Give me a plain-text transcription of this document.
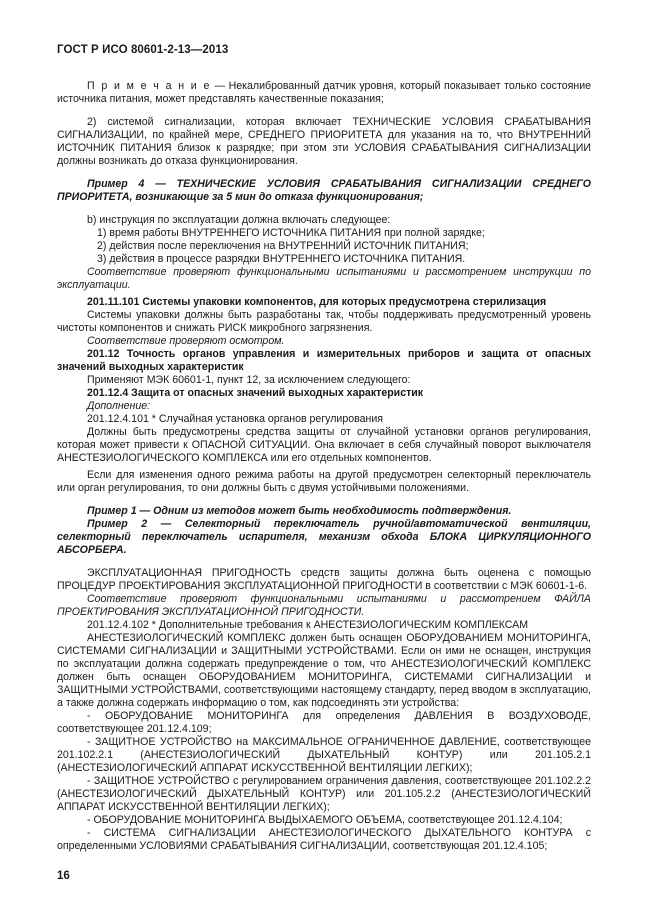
ГОСТ Р ИСО 80601-2-13—2013

П р и м е ч а н и е — Некалиброванный датчик уровня, который показывает только состояние источника питания, может представлять качественные показания;

2) системой сигнализации, которая включает ТЕХНИЧЕСКИЕ УСЛОВИЯ СРАБАТЫВАНИЯ СИГНАЛИЗАЦИИ, по крайней мере, СРЕДНЕГО ПРИОРИТЕТА для указания на то, что ВНУТРЕННИЙ ИСТОЧНИК ПИТАНИЯ близок к разрядке; при этом эти УСЛОВИЯ СРАБАТЫВАНИЯ СИГНАЛИЗАЦИИ должны возникать до отказа функционирования.

Пример 4 — ТЕХНИЧЕСКИЕ УСЛОВИЯ СРАБАТЫВАНИЯ СИГНАЛИЗАЦИИ СРЕДНЕГО ПРИОРИТЕТА, возникающие за 5 мин до отказа функционирования;

b) инструкция по эксплуатации должна включать следующее:

1) время работы ВНУТРЕННЕГО ИСТОЧНИКА ПИТАНИЯ при полной зарядке;

2) действия после переключения на ВНУТРЕННИЙ ИСТОЧНИК ПИТАНИЯ;

3) действия в процессе разрядки ВНУТРЕННЕГО ИСТОЧНИКА ПИТАНИЯ.

Соответствие проверяют функциональными испытаниями и рассмотрением инструкции по эксплуатации.

201.11.101 Системы упаковки компонентов, для которых предусмотрена стерилизация

Системы упаковки должны быть разработаны так, чтобы поддерживать предусмотренный уровень чистоты компонентов и снижать РИСК микробного загрязнения.

Соответствие проверяют осмотром.

201.12 Точность органов управления и измерительных приборов и защита от опасных значений выходных характеристик

Применяют МЭК 60601-1, пункт 12, за исключением следующего:

201.12.4 Защита от опасных значений выходных характеристик

Дополнение:

201.12.4.101 * Случайная установка органов регулирования

Должны быть предусмотрены средства защиты от случайной установки органов регулирования, которая может привести к ОПАСНОЙ СИТУАЦИИ. Она включает в себя случайный поворот выключателя АНЕСТЕЗИОЛОГИЧЕСКОГО КОМПЛЕКСА или его отдельных компонентов.

Если для изменения одного режима работы на другой предусмотрен селекторный переключатель или орган регулирования, то они должны быть с двумя устойчивыми положениями.

Пример 1 — Одним из методов может быть необходимость подтверждения.

Пример 2 — Селекторный переключатель ручной/автоматической вентиляции, селекторный переключатель испарителя, механизм обхода БЛОКА ЦИРКУЛЯЦИОННОГО АБСОРБЕРА.

ЭКСПЛУАТАЦИОННАЯ ПРИГОДНОСТЬ средств защиты должна быть оценена с помощью ПРОЦЕДУР ПРОЕКТИРОВАНИЯ ЭКСПЛУАТАЦИОННОЙ ПРИГОДНОСТИ в соответствии с МЭК 60601-1-6.

Соответствие проверяют функциональными испытаниями и рассмотрением ФАЙЛА ПРОЕКТИРОВАНИЯ ЭКСПЛУАТАЦИОННОЙ ПРИГОДНОСТИ.

201.12.4.102 * Дополнительные требования к АНЕСТЕЗИОЛОГИЧЕСКИМ КОМПЛЕКСАМ

АНЕСТЕЗИОЛОГИЧЕСКИЙ КОМПЛЕКС должен быть оснащен ОБОРУДОВАНИЕМ МОНИТОРИНГА, СИСТЕМАМИ СИГНАЛИЗАЦИИ и ЗАЩИТНЫМИ УСТРОЙСТВАМИ. Если он ими не оснащен, инструкция по эксплуатации должна содержать предупреждение о том, что АНЕСТЕЗИОЛОГИЧЕСКИЙ КОМПЛЕКС должен быть оснащен ОБОРУДОВАНИЕМ МОНИТОРИНГА, СИСТЕМАМИ СИГНАЛИЗАЦИИ и ЗАЩИТНЫМИ УСТРОЙСТВАМИ, соответствующими настоящему стандарту, перед вводом в эксплуатацию, а также должна содержать информацию о том, как подсоединять эти устройства:

- ОБОРУДОВАНИЕ МОНИТОРИНГА для определения ДАВЛЕНИЯ В ВОЗДУХОВОДЕ, соответствующее 201.12.4.109;

- ЗАЩИТНОЕ УСТРОЙСТВО на МАКСИМАЛЬНОЕ ОГРАНИЧЕННОЕ ДАВЛЕНИЕ, соответствующее 201.102.2.1 (АНЕСТЕЗИОЛОГИЧЕСКИЙ ДЫХАТЕЛЬНЫЙ КОНТУР) или 201.105.2.1 (АНЕСТЕЗИОЛОГИЧЕСКИЙ АППАРАТ ИСКУССТВЕННОЙ ВЕНТИЛЯЦИИ ЛЕГКИХ);

- ЗАЩИТНОЕ УСТРОЙСТВО с регулированием ограничения давления, соответствующее 201.102.2.2 (АНЕСТЕЗИОЛОГИЧЕСКИЙ ДЫХАТЕЛЬНЫЙ КОНТУР) или 201.105.2.2 (АНЕСТЕЗИОЛОГИЧЕСКИЙ АППАРАТ ИСКУССТВЕННОЙ ВЕНТИЛЯЦИИ ЛЕГКИХ);

- ОБОРУДОВАНИЕ МОНИТОРИНГА ВЫДЫХАЕМОГО ОБЪЕМА, соответствующее 201.12.4.104;

- СИСТЕМА СИГНАЛИЗАЦИИ АНЕСТЕЗИОЛОГИЧЕСКОГО ДЫХАТЕЛЬНОГО КОНТУРА с определенными УСЛОВИЯМИ СРАБАТЫВАНИЯ СИГНАЛИЗАЦИИ, соответствующая 201.12.4.105;

16
